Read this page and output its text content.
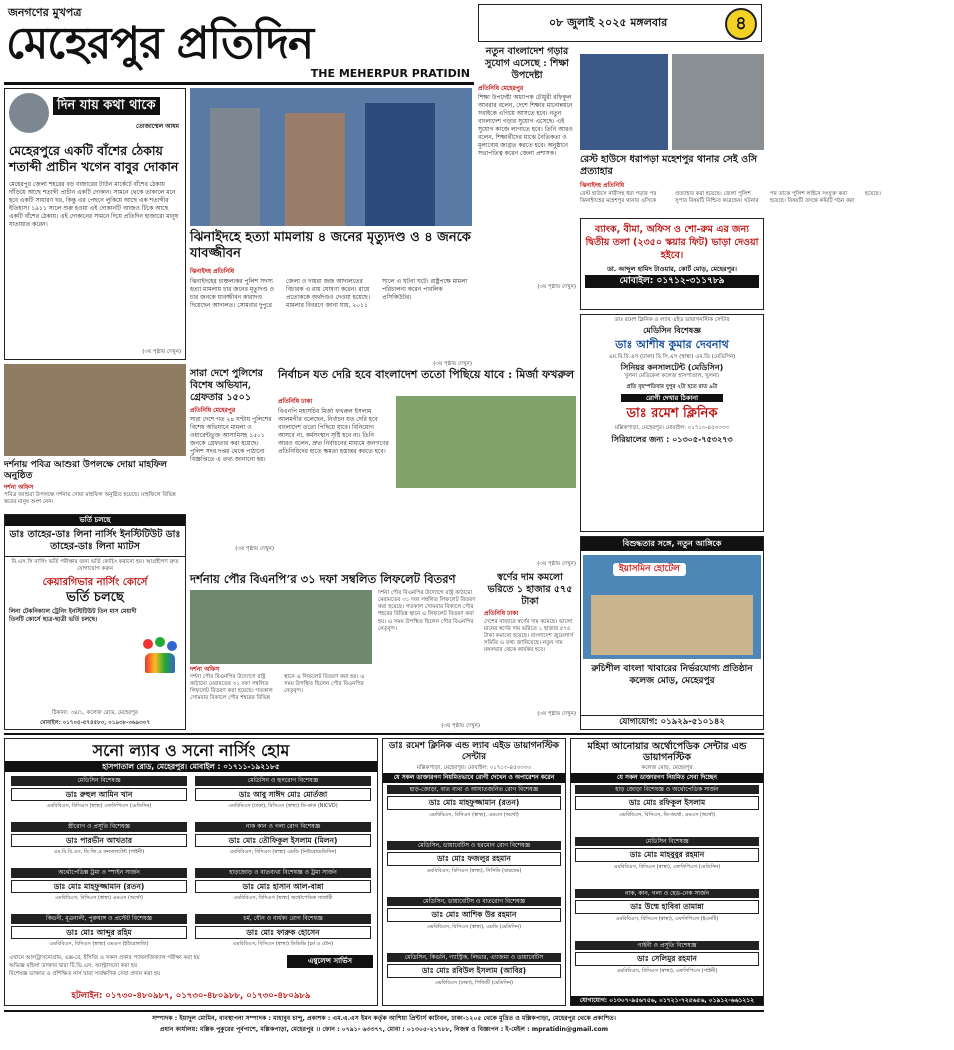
জনগণের মুখপত্র
মেহেরপুর প্রতিদিন
THE MEHERPUR PRATIDIN
০৮ জুলাই ২০২৫ মঙ্গলবার	৪
দিন যায় কথা থাকে
তোজাম্মেল আযম
মেহেরপুরে একটি বাঁশের ঠেকায় শতাব্দী প্রাচীন খগেন বাবুর দোকান
মেহেরপুর জেলা শহরের বড় বাজারের টাউন মার্কেটে বাঁশের ঠেকায় দাঁড়িয়ে আছে শতাব্দী প্রাচীন একটি দোকান। সামনে থেকে তাকালে মনে হবে একটি সাধারণ ঘর, কিন্তু এর পেছনে লুকিয়ে আছে এক শতাব্দীর ইতিহাস। ১৯১১ সালে শুরু হওয়া এই দোকানটি আজও টিকে আছে একটি বাঁশের ঠেকায়। এই দোকানের সামনে দিয়ে প্রতিদিন হাজারো মানুষ যাতায়াত করেন।
(৩য় পৃষ্ঠায় দেখুন)
ঝিনাইদহে হত্যা মামলায় ৪ জনের মৃত্যুদণ্ড ও ৪ জনকে যাবজ্জীবন
ঝিনাইদহ প্রতিনিধি
ঝিনাইদহের চাঞ্চল্যকর পুলিশ সদস্য হত্যা মামলায় চার জনের মৃত্যুদণ্ড ও চার জনকে যাবজ্জীবন কারাদণ্ড দিয়েছেন আদালত। সোমবার দুপুরে জেলা ও দায়রা জজ আদালতের বিচারক এ রায় ঘোষণা করেন। রায়ে প্রত্যেককে অর্থদণ্ডও দেওয়া হয়েছে। মামলার বিবরণে জানা যায়, ২০১১ সালে এ ঘটনা ঘটে। রাষ্ট্রপক্ষে মামলা পরিচালনা করেন পাবলিক প্রসিকিউটর।
(৩য় পৃষ্ঠায় দেখুন)
নতুন বাংলাদেশ গড়ার সুযোগ এসেছে : শিক্ষা উপদেষ্টা
প্রতিনিধি মেহেরপুর
শিক্ষা উপদেষ্টা অধ্যাপক চৌধুরী রফিকুল আবরার বলেন, দেশে শিক্ষার মানোন্নয়নে সবাইকে এগিয়ে আসতে হবে। নতুন বাংলাদেশ গড়ার সুযোগ এসেছে। এই সুযোগ কাজে লাগাতে হবে। তিনি আরও বলেন, শিক্ষার্থীদের মাঝে নৈতিকতা ও মূল্যবোধ জাগ্রত করতে হবে। অনুষ্ঠানে সভাপতিত্ব করেন জেলা প্রশাসক।
(৩য় পৃষ্ঠায় দেখুন)
রেস্ট হাউসে ধরাপড়া মহেশপুর থানার সেই ওসি প্রত্যাহার
ঝিনাইদহ প্রতিনিধি
রেস্ট হাউসে নারীসহ ধরা পড়ার পর ঝিনাইদহের মহেশপুর থানার ওসিকে প্রত্যাহার করা হয়েছে। জেলা পুলিশ সুপার বিষয়টি নিশ্চিত করেছেন। ঘটনার পর তাকে পুলিশ লাইনে সংযুক্ত করা হয়েছে। বিষয়টি তদন্তে কমিটি গঠন করা হয়েছে।
ব্যাংক, বীমা, অফিস ও শো-রুম এর জন্য দ্বিতীয় তলা (২৩৫০ স্কয়ার ফিট) ভাড়া দেওয়া হইবে।
ডা. আব্দুল হামিদ টাওয়ার, কোর্ট মোড়, মেহেরপুর।
মোবাইল: ০১৭১২-৩১১৭৮৯
দর্শনায় পবিত্র আশুরা উপলক্ষে দোয়া মাহফিল অনুষ্ঠিত
দর্শনা অফিস
পবিত্র আশুরা উপলক্ষে দর্শনায় দোয়া মাহফিল অনুষ্ঠিত হয়েছে। মাহফিলে বিভিন্ন স্তরের মানুষ অংশ নেন।
সারা দেশে পুলিশের বিশেষ অভিযান, গ্রেফতার ১৫০১
প্রতিনিধি মেহেরপুর
সারা দেশে গত ২৪ ঘণ্টায় পুলিশের বিশেষ অভিযানে মামলা ও ওয়ারেন্টভুক্ত আসামিসহ ১৫০১ জনকে গ্রেফতার করা হয়েছে। পুলিশ সদর দপ্তর থেকে পাঠানো বিজ্ঞপ্তিতে এ তথ্য জানানো হয়।
(৩য় পৃষ্ঠায় দেখুন)
নির্বাচন যত দেরি হবে বাংলাদেশ ততো পিছিয়ে যাবে : মির্জা ফখরুল
প্রতিনিধি ঢাকা
বিএনপি মহাসচিব মির্জা ফখরুল ইসলাম আলমগীর বলেছেন, নির্বাচন যত দেরি হবে বাংলাদেশ ততো পিছিয়ে যাবে। বিনিয়োগ আসবে না, কর্মসংস্থান সৃষ্টি হবে না। তিনি আরও বলেন, দ্রুত নির্বাচনের মাধ্যমে জনগণের প্রতিনিধিদের হাতে ক্ষমতা হস্তান্তর করতে হবে।
(৩য় পৃষ্ঠায় দেখুন)
ডাঃ রমেশ ক্লিনিক ও ল্যাব এইড ডায়াগনস্টিক সেন্টার
মেডিসিন বিশেষজ্ঞ
ডাঃ আশীষ কুমার দেবনাথ
এম.বি.বি.এস (ঢাকা) বি.সি.এস (স্বাস্থ্য) এম.ডি (মেডিসিন)
সিনিয়র কনসালটেন্ট (মেডিসিন)
খুলনা মেডিকেল কলেজ হাসপাতাল, খুলনা।
প্রতি বৃহস্পতিবার দুপুর ২টা হতে রাত ৯টা
রোগী দেখার ঠিকানা
ডাঃ রমেশ ক্লিনিক
মল্লিকপাড়া, মেহেরপুর। মোবাইল: ০১৭১৩-৪৫৩৩৩৩
সিরিয়ালের জন্য : ০১৩০৫-৭৫৩২৭৩
ভর্তি চলছে
ডাঃ তাহের-ডাঃ লিনা নার্সিং ইনস্টিটিউট ডাঃ তাহের-ডাঃ লিনা ম্যাটস
বি.এস.সি নার্সিং ভর্তি পরীক্ষার জন্য ভর্তি কোচিং করানো হয়। আগ্রহীগণ দ্রুত যোগাযোগ করুন
কেয়ারগিভার নার্সিং কোর্সে
ভর্তি চলছে
লিনা টেকনিক্যাল ট্রেনিং ইনস্টিটিউট তিন মাস মেয়াদী তিনটি কোর্সে ছাত্র-ছাত্রী ভর্তি চলছে।
ঠিকানা: ৩৪/১, কলেজ রোড, মেহেরপুর
মোবাইল: ০১৭০৫-৫৭৪৫৮০, ০১৯৩৮-৩৬৯৩০৭
দর্শনায় পৌর বিএনপি’র ৩১ দফা সম্বলিত লিফলেট বিতরণ
দর্শনা অফিস
দর্শনা পৌর বিএনপির উদ্যোগে রাষ্ট্র কাঠামো মেরামতের ৩১ দফা সম্বলিত লিফলেট বিতরণ করা হয়েছে। গতকাল সোমবার বিকালে পৌর শহরের বিভিন্ন স্থানে এ লিফলেট বিতরণ করা হয়। এ সময় উপস্থিত ছিলেন পৌর বিএনপির নেতৃবৃন্দ।
দর্শনা পৌর বিএনপির উদ্যোগে রাষ্ট্র কাঠামো মেরামতের ৩১ দফা সম্বলিত লিফলেট বিতরণ করা হয়েছে। গতকাল সোমবার বিকালে পৌর শহরের বিভিন্ন স্থানে এ লিফলেট বিতরণ করা হয়। এ সময় উপস্থিত ছিলেন পৌর বিএনপির নেতৃবৃন্দ।
(৩য় পৃষ্ঠায় দেখুন)
স্বর্ণের দাম কমলো ভরিতে ১ হাজার ৫৭৫ টাকা
প্রতিনিধি ঢাকা
দেশের বাজারে স্বর্ণের দাম কমেছে। ভালো মানের স্বর্ণের দাম ভরিতে ১ হাজার ৫৭৫ টাকা কমানো হয়েছে। বাংলাদেশ জুয়েলার্স সমিতি এ তথ্য জানিয়েছে। নতুন দাম মঙ্গলবার থেকে কার্যকর হবে।
(৩য় পৃষ্ঠায় দেখুন)
বিশুদ্ধতার সঙ্গে, নতুন আঙ্গিকে
ইয়াসমিন হোটেল
রুচিশীল বাংলা খাবারের নির্ভরযোগ্য প্রতিষ্ঠান কলেজ মোড়, মেহেরপুর
যোগাযোগ: ০১৯২৯-৫১০১৪২
সনো ল্যাব ও সনো নার্সিং হোম
হাসপাতাল রোড, মেহেরপুর। মোবাইল : ০১৭১১-১৯২১৮৫
মেডিসিন বিশেষজ্ঞ
ডাঃ রুহুল আমিন খান
এমবিবিএস, বিসিএস (স্বাস্থ্য) এফসিপিএস (মেডিসিন)
মেডিসিন ও হৃদরোগ বিশেষজ্ঞ
ডাঃ আবু সাঈদ মোঃ মোর্তজা
এমবিবিএস (ঢাকা), বিসিএস (স্বাস্থ্য) ডি-কার্ড (NICVD)
স্ত্রীরোগ ও প্রসূতি বিশেষজ্ঞ
ডাঃ পারভীন আখতার
এম.বি.বি.এস, ডি.জি.ও কনসালটেন্ট (গাইনী)
নাক কান ও গলা রোগ বিশেষজ্ঞ
ডাঃ মোঃ তৌফিকুল ইসলাম (মিলন)
এমবিবিএস, বিসিএস (স্বাস্থ্য) এমডি (নিউরোমেডিসিন)
অর্থোপেডিক্স ট্রমা ও স্পাইন সার্জন
ডাঃ মোঃ মাহফুজ্জামান (রতন)
এমবিবিএস, বিসিএস (স্বাস্থ্য) এমএস (অর্থো)
হাড়জোড় ও বাতব্যথা বিশেষজ্ঞ ও ট্রমা সার্জন
ডাঃ মোঃ হাসান আল-বান্না
এমবিবিএস, বিসিএস (স্বাস্থ্য) অর্থোপেডিক সার্জারী
কিডনী, মূত্রনালী, পুরুষাঙ্গ ও প্রস্টেট বিশেষজ্ঞ
ডাঃ মোঃ আব্দুর রহিম
এমবিবিএস, বিসিএস (স্বাস্থ্য) এমএস (ইউরোলজি)
চর্ম, যৌন ও বার্ধক্য রোগ বিশেষজ্ঞ
ডাঃ মোঃ ফারুক হোসেন
এমবিবিএস, বিসিএস (স্বাস্থ্য) ডিডিভি (চর্ম ও যৌন)
এখানে আলট্রাসনোগ্রাম, এক্স-রে, ইসিজি ও সকল প্রকার প্যাথলজিক্যাল পরীক্ষা করা হয়
অভিজ্ঞ মহিলা ডাক্তার দ্বারা টি.ভি.এস. আল্ট্রাসনো করা হয়
বিশেষজ্ঞ ডাক্তার ও প্রশিক্ষিত নার্স দ্বারা সার্বক্ষণিক সেবা প্রদান করা হয়
এম্বুলেন্স সার্ভিস
হটলাইন: ০১৭৩০-৪৮০৯৮৭, ০১৭৩০-৪৮০৯৮৮, ০১৭৩০-৪৮০৯৮৯
ডাঃ রমেশ ক্লিনিক এন্ড ল্যাব এইড ডায়াগনস্টিক সেন্টার
মল্লিকপাড়া, মেহেরপুর। মোবাইল: ০১৭১৩-৪৫৩৩৩৩
যে সকল ডাক্তারগণ নিয়মিতভাবে রোগী দেখেন ও অপারেশন করেন
হাড়-জোড়া, বাত ব্যথা ও আঘাতজনিত রোগ বিশেষজ্ঞ
ডাঃ মোঃ মাহফুজ্জামান (রতন)
এমবিবিএস, বিসিএস (স্বাস্থ্য), এমএস (অর্থো)
মেডিসিন, ডায়াবেটিস ও হরমোন রোগ বিশেষজ্ঞ
ডাঃ মোঃ ফজলুর রহমান
এমবিবিএস, বিসিএস (স্বাস্থ্য), সিসিডি (বারডেম)
মেডিসিন, ডায়াবেটিস ও বাতরোগ বিশেষজ্ঞ
ডাঃ মোঃ আশিক উর রহমান
এমবিবিএস, বিসিএস (স্বাস্থ্য), এমডি (মেডিসিন)
মেডিসিন, কিডনি, গ্যাস্ট্রিক, লিভার, এ্যাজমা ও ডায়াবেটিস
ডাঃ মোঃ রবিউল ইসলাম (আবির)
এমবিবিএস (ঢাকা), পিজিটি (মেডিসিন)
মহিমা আনোয়ার অর্থোপেডিক সেন্টার এন্ড ডায়াগনস্টিক
কলেজ মোড়, মেহেরপুর
যে সকল ডাক্তারগণ নিয়মিত সেবা দিচ্ছেন
হাড় জোড়া বিশেষজ্ঞ ও অর্থোপেডিক সার্জন
ডাঃ মোঃ রফিকুল ইসলাম
এমবিবিএস, বিসিএস, ডি-অর্থো, এমএস (অর্থো)
মেডিসিন বিশেষজ্ঞ
ডাঃ মোঃ মাহবুবুর রহমান
এমবিবিএস, বিসিএস (স্বাস্থ্য), এফসিপিএস (মেডিসিন)
নাক, কান, গলা ও হেড-নেক সার্জন
ডাঃ উম্মে হাবিবা তামান্না
এমবিবিএস, বিসিএস (স্বাস্থ্য), এফসিপিএস (ইএনটি)
গাইনী ও প্রসূতি বিশেষজ্ঞ
ডাঃ সেলিমুর রহমান
এমবিবিএস, বিসিএস (স্বাস্থ্য), এফসিপিএস (গাইনী)
যোগাযোগ: ০১৩০৭-৯৫৬৭৫৬, ০১৭২১-৭২৫৬৫৬, ০১৯১২-৬৬১২১২
সম্পাদক : ইয়াদুল মোমিন, ব্যবস্থাপনা সম্পাদক : মাহাবুব চান্দু, প্রকাশক : এম.এ.এস ইমন কর্তৃক আশিয়া প্রিন্টার্স কাটাবন, ঢাকা-১২০৫ থেকে মুদ্রিত ও মল্লিকপাড়া, মেহেরপুর থেকে প্রকাশিত।
প্রধান কার্যালয়: মল্লিক পুকুরের পূর্বপাশে, মল্লিকপাড়া, মেহেরপুর ।। ফোন : ০৭৯১- ৬৩৩৭৭, মোবা : ০১৩০৫-২১৭৮৮, নিজস্ব ও বিজ্ঞাপন : ই-মেইল : mpratidin@gmail.com
